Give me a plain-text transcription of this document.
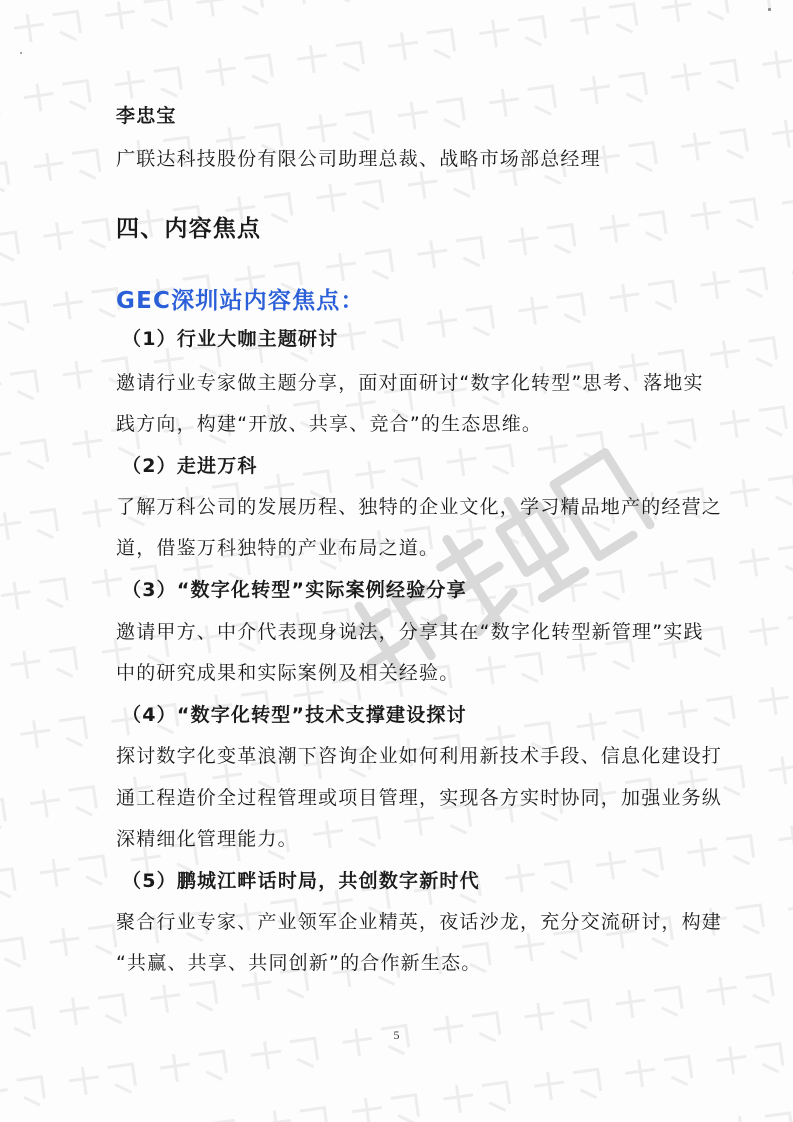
李忠宝
广联达科技股份有限公司助理总裁、战略市场部总经理
四、内容焦点
GEC深圳站内容焦点：
（1）行业大咖主题研讨
邀请行业专家做主题分享，面对面研讨“数字化转型”思考、落地实
践方向，构建“开放、共享、竞合”的生态思维。
（2）走进万科
了解万科公司的发展历程、独特的企业文化，学习精品地产的经营之
道，借鉴万科独特的产业布局之道。
（3）“数字化转型”实际案例经验分享
邀请甲方、中介代表现身说法，分享其在“数字化转型新管理”实践
中的研究成果和实际案例及相关经验。
（4）“数字化转型”技术支撑建设探讨
探讨数字化变革浪潮下咨询企业如何利用新技术手段、信息化建设打
通工程造价全过程管理或项目管理，实现各方实时协同，加强业务纵
深精细化管理能力。
（5）鹏城江畔话时局，共创数字新时代
聚合行业专家、产业领军企业精英，夜话沙龙，充分交流研讨，构建
“共赢、共享、共同创新”的合作新生态。
5
